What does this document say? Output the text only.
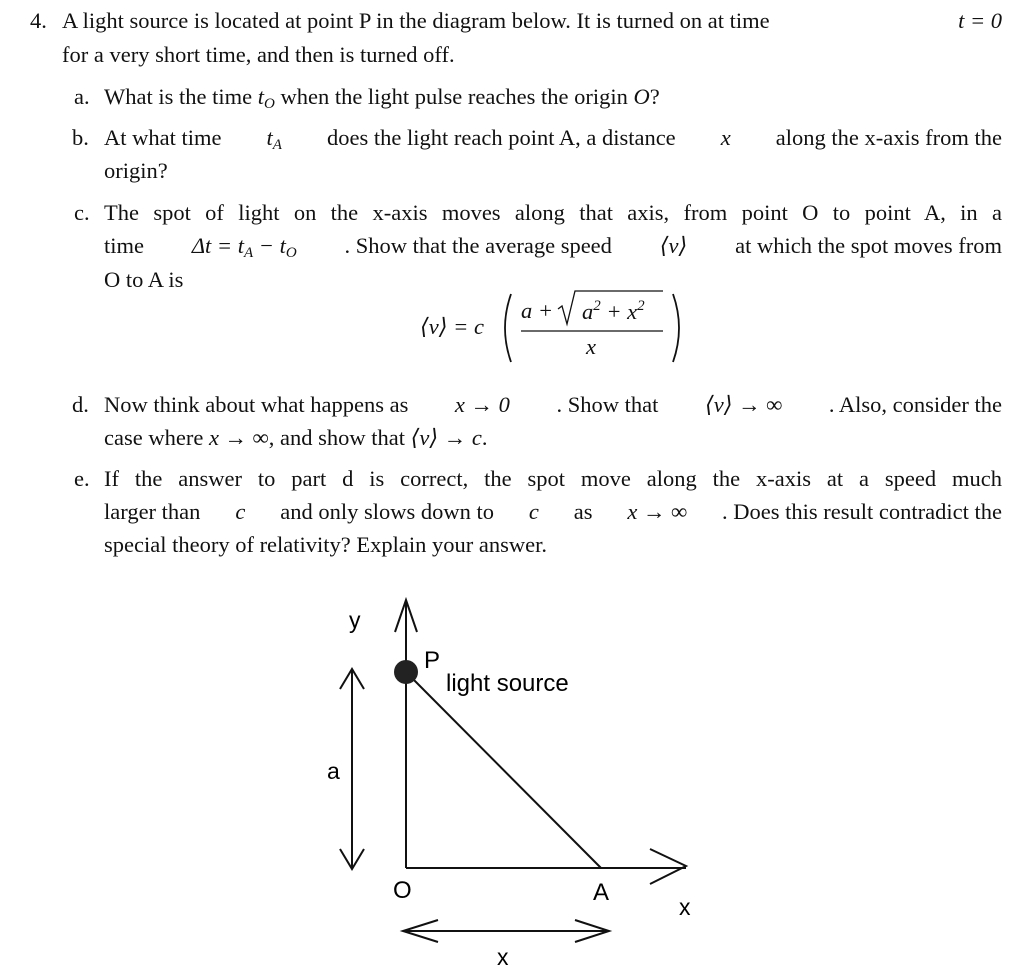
4. A light source is located at point P in the diagram below. It is turned on at time	t = 0
for a very short time, and then is turned off.
a. What is the time $t_O$ when the light pulse reaches the origin O?
b. At what time $t_A$ does the light reach point A, a distance x along the x-axis from the
origin?
c. The spot of light on the x-axis moves along that axis, from point O to point A, in a
time $\Delta t = t_A - t_O$ . Show that the average speed ⟨v⟩ at which the spot moves from
O to A is
⟨v⟩ = c
$a + a^2 + x^2$
x
d. Now think about what happens as x → 0 . Show that ⟨v⟩ → ∞ . Also, consider the
case where x → ∞, and show that ⟨v⟩ → c.
e. If the answer to part d is correct, the spot move along the x-axis at a speed much
larger than c and only slows down to c as x → ∞ . Does this result contradict the
special theory of relativity? Explain your answer.
y
P
light source
a
O	A
x
x
